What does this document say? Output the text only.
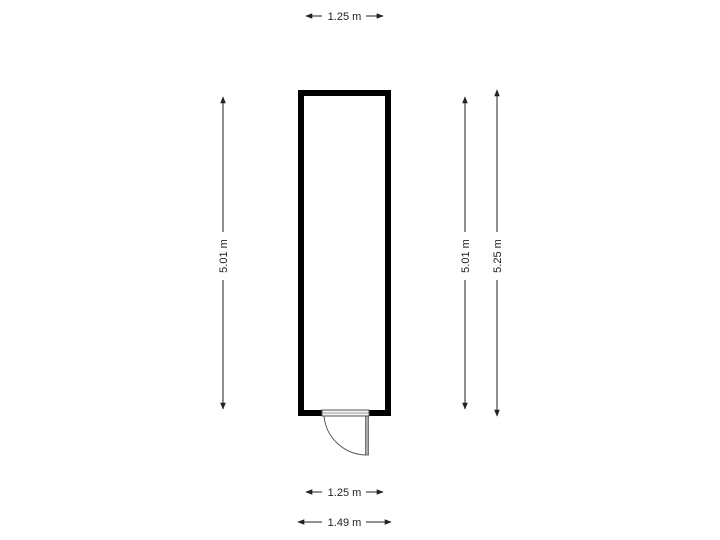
1.25 m
5.01 m	5.01 m 5.25 m
1.25 m
1.49 m
